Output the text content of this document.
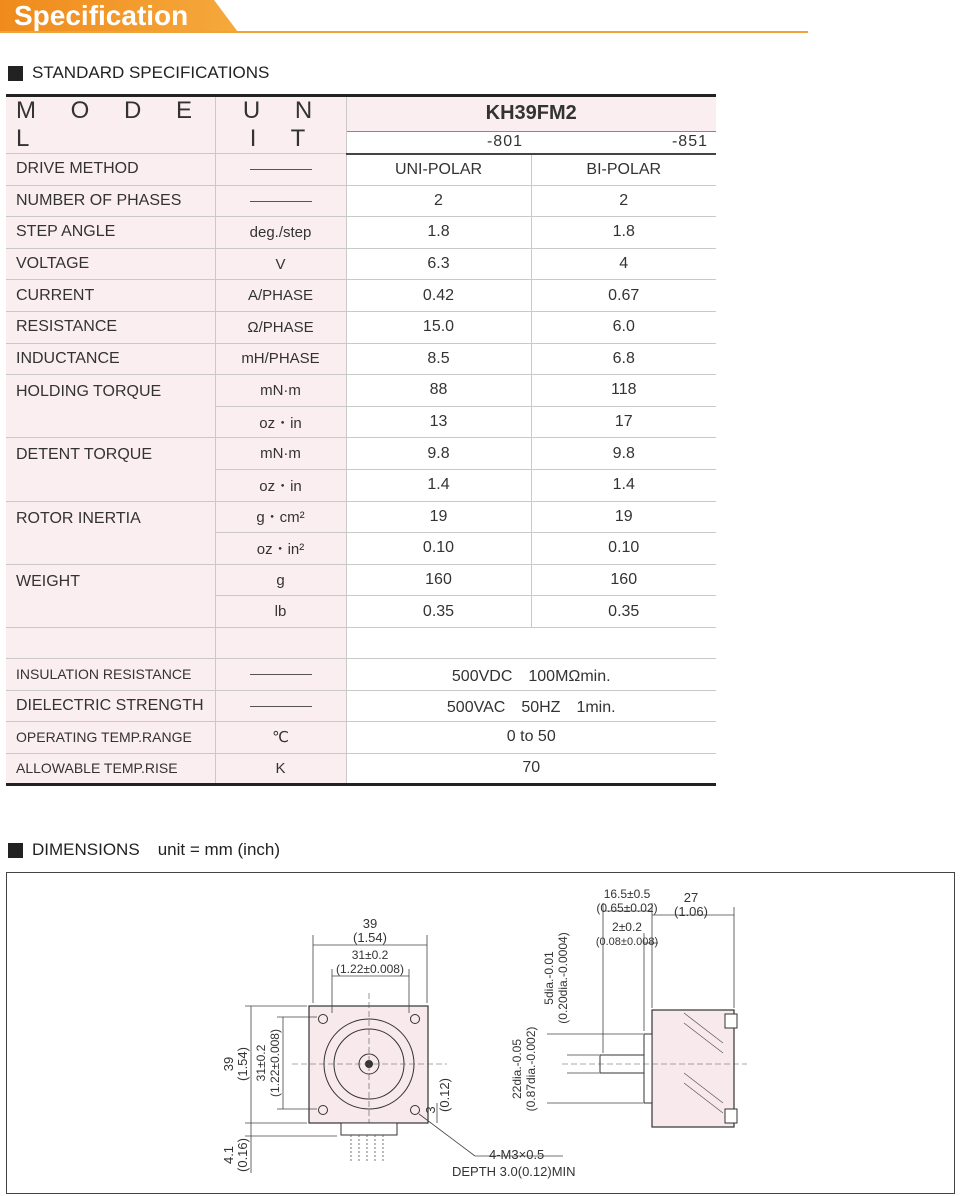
Specification
STANDARD SPECIFICATIONS
M O D E L	U N I T	KH39FM2	
		-801	-851
DRIVE METHOD		UNI-POLAR	BI-POLAR
NUMBER OF PHASES		2	2
STEP ANGLE	deg./step	1.8	1.8
VOLTAGE	V	6.3	4
CURRENT	A/PHASE	0.42	0.67
RESISTANCE	Ω/PHASE	15.0	6.0
INDUCTANCE	mH/PHASE	8.5	6.8
HOLDING TORQUE	mN·m	88	118
	oz・in	13	17
DETENT TORQUE	mN·m	9.8	9.8
	oz・in	1.4	1.4
ROTOR INERTIA	g・cm²	19	19
	oz・in²	0.10	0.10
WEIGHT	g	160	160
	lb	0.35	0.35

INSULATION RESISTANCE		500VDC　100MΩmin.	
DIELECTRIC STRENGTH		500VAC　50HZ　1min.	
OPERATING TEMP.RANGE	℃	0 to 50	
ALLOWABLE TEMP.RISE	K	70	
DIMENSIONS unit = mm (inch)
39
(1.54)
31±0.2
(1.22±0.008)
39 (1.54) 31±0.2 (1.22±0.008)
4.1 (0.16)
3 (0.12)
4-M3×0.5
DEPTH 3.0(0.12)MIN
16.5±0.5
(0.65±0.02)
27
(1.06)
2±0.2
(0.08±0.008)
5dia.-0.01 (0.20dia.-0.0004)
22dia.-0.05 (0.87dia.-0.002)
